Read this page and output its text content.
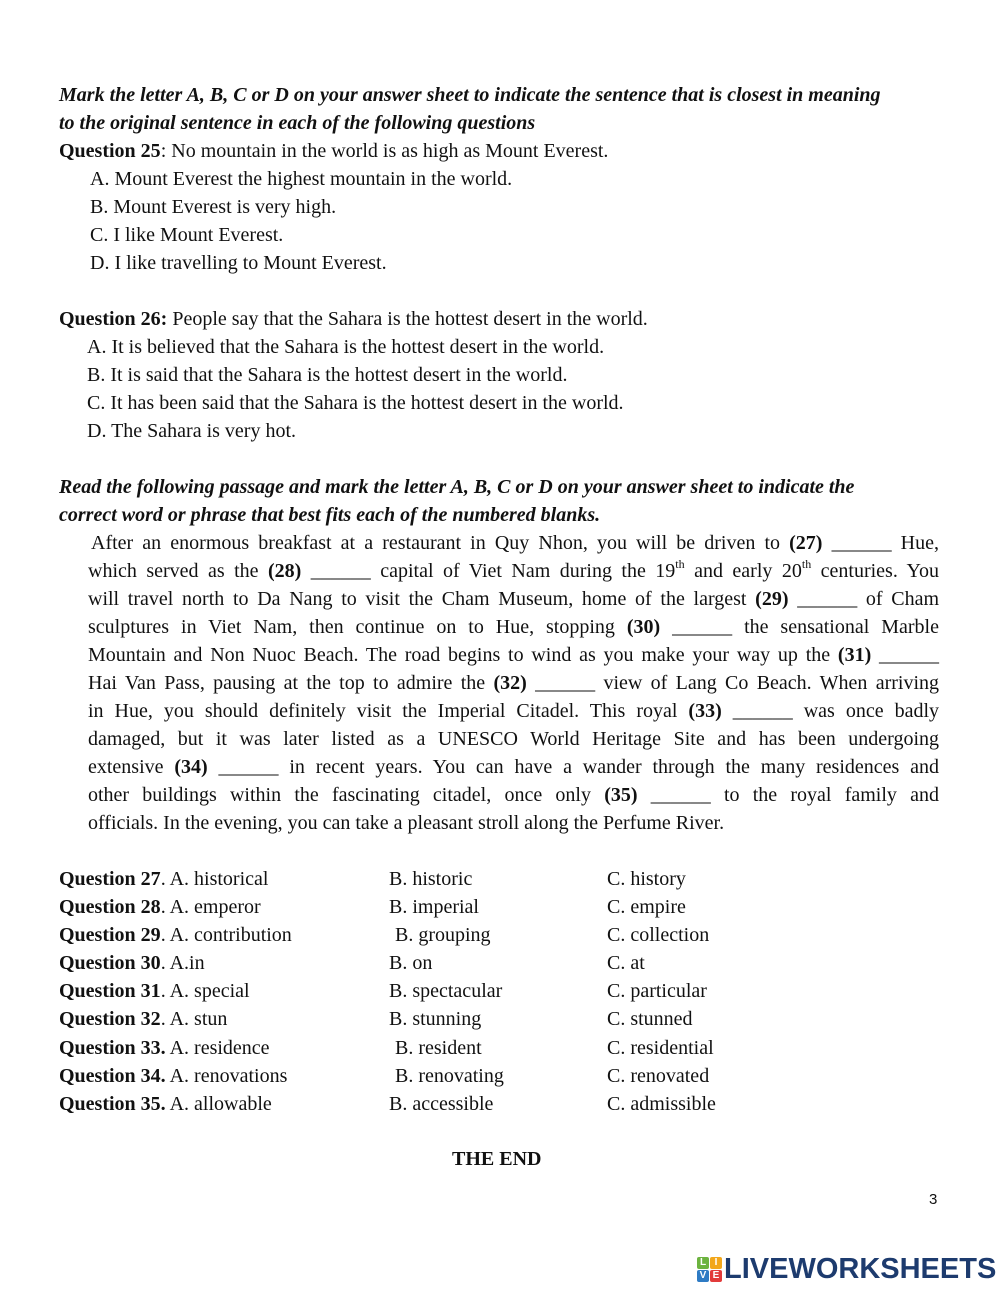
Mark the letter A, B, C or D on your answer sheet to indicate the sentence that is closest in meaning
to the original sentence in each of the following questions
Question 25: No mountain in the world is as high as Mount Everest.
A. Mount Everest the highest mountain in the world.
B. Mount Everest is very high.
C. I like Mount Everest.
D. I like travelling to Mount Everest.
Question 26: People say that the Sahara is the hottest desert in the world.
A. It is believed that the Sahara is the hottest desert in the world.
B. It is said that the Sahara is the hottest desert in the world.
C. It has been said that the Sahara is the hottest desert in the world.
D. The Sahara is very hot.
Read the following passage and mark the letter A, B, C or D on your answer sheet to indicate the
correct word or phrase that best fits each of the numbered blanks.
After an enormous breakfast at a restaurant in Quy Nhon, you will be driven to (27) ______ Hue,
which served as the (28) ______ capital of Viet Nam during the 19th and early 20th centuries. You
will travel north to Da Nang to visit the Cham Museum, home of the largest (29) ______ of Cham
sculptures in Viet Nam, then continue on to Hue, stopping (30) ______ the sensational Marble
Mountain and Non Nuoc Beach. The road begins to wind as you make your way up the (31) ______
Hai Van Pass, pausing at the top to admire the (32) ______ view of Lang Co Beach. When arriving
in Hue, you should definitely visit the Imperial Citadel. This royal (33) ______ was once badly
damaged, but it was later listed as a UNESCO World Heritage Site and has been undergoing
extensive (34) ______ in recent years. You can have a wander through the many residences and
other buildings within the fascinating citadel, once only (35) ______ to the royal family and
officials. In the evening, you can take a pleasant stroll along the Perfume River.
Question 27. A. historical	B. historic	C. history
Question 28. A. emperor	B. imperial	C. empire
Question 29. A. contribution	B. grouping	C. collection
Question 30. A.in	B. on	C. at
Question 31. A. special	B. spectacular	C. particular
Question 32. A. stun	B. stunning	C. stunned
Question 33. A. residence	B. resident	C. residential
Question 34. A. renovations	B. renovating	C. renovated
Question 35. A. allowable	B. accessible	C. admissible
THE END
3
L I
V E LIVEWORKSHEETS
